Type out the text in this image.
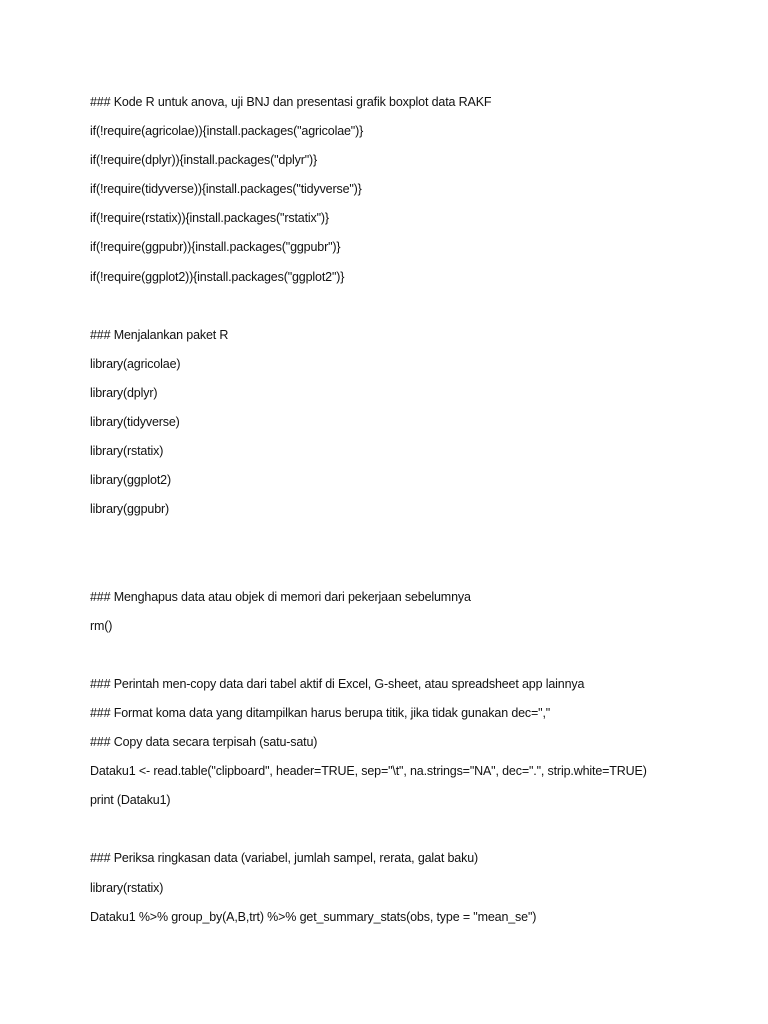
### Kode R untuk anova, uji BNJ dan presentasi grafik boxplot data RAKF
if(!require(agricolae)){install.packages("agricolae")}
if(!require(dplyr)){install.packages("dplyr")}
if(!require(tidyverse)){install.packages("tidyverse")}
if(!require(rstatix)){install.packages("rstatix")}
if(!require(ggpubr)){install.packages("ggpubr")}
if(!require(ggplot2)){install.packages("ggplot2")}
### Menjalankan paket R
library(agricolae)
library(dplyr)
library(tidyverse)
library(rstatix)
library(ggplot2)
library(ggpubr)
### Menghapus data atau objek di memori dari pekerjaan sebelumnya
rm()
### Perintah men-copy data dari tabel aktif di Excel, G-sheet, atau spreadsheet app lainnya
### Format koma data yang ditampilkan harus berupa titik, jika tidak gunakan dec=","
### Copy data secara terpisah (satu-satu)
Dataku1 <- read.table("clipboard", header=TRUE, sep="\t", na.strings="NA", dec=".", strip.white=TRUE)
print (Dataku1)
### Periksa ringkasan data (variabel, jumlah sampel, rerata, galat baku)
library(rstatix)
Dataku1 %>% group_by(A,B,trt) %>% get_summary_stats(obs, type = "mean_se")
